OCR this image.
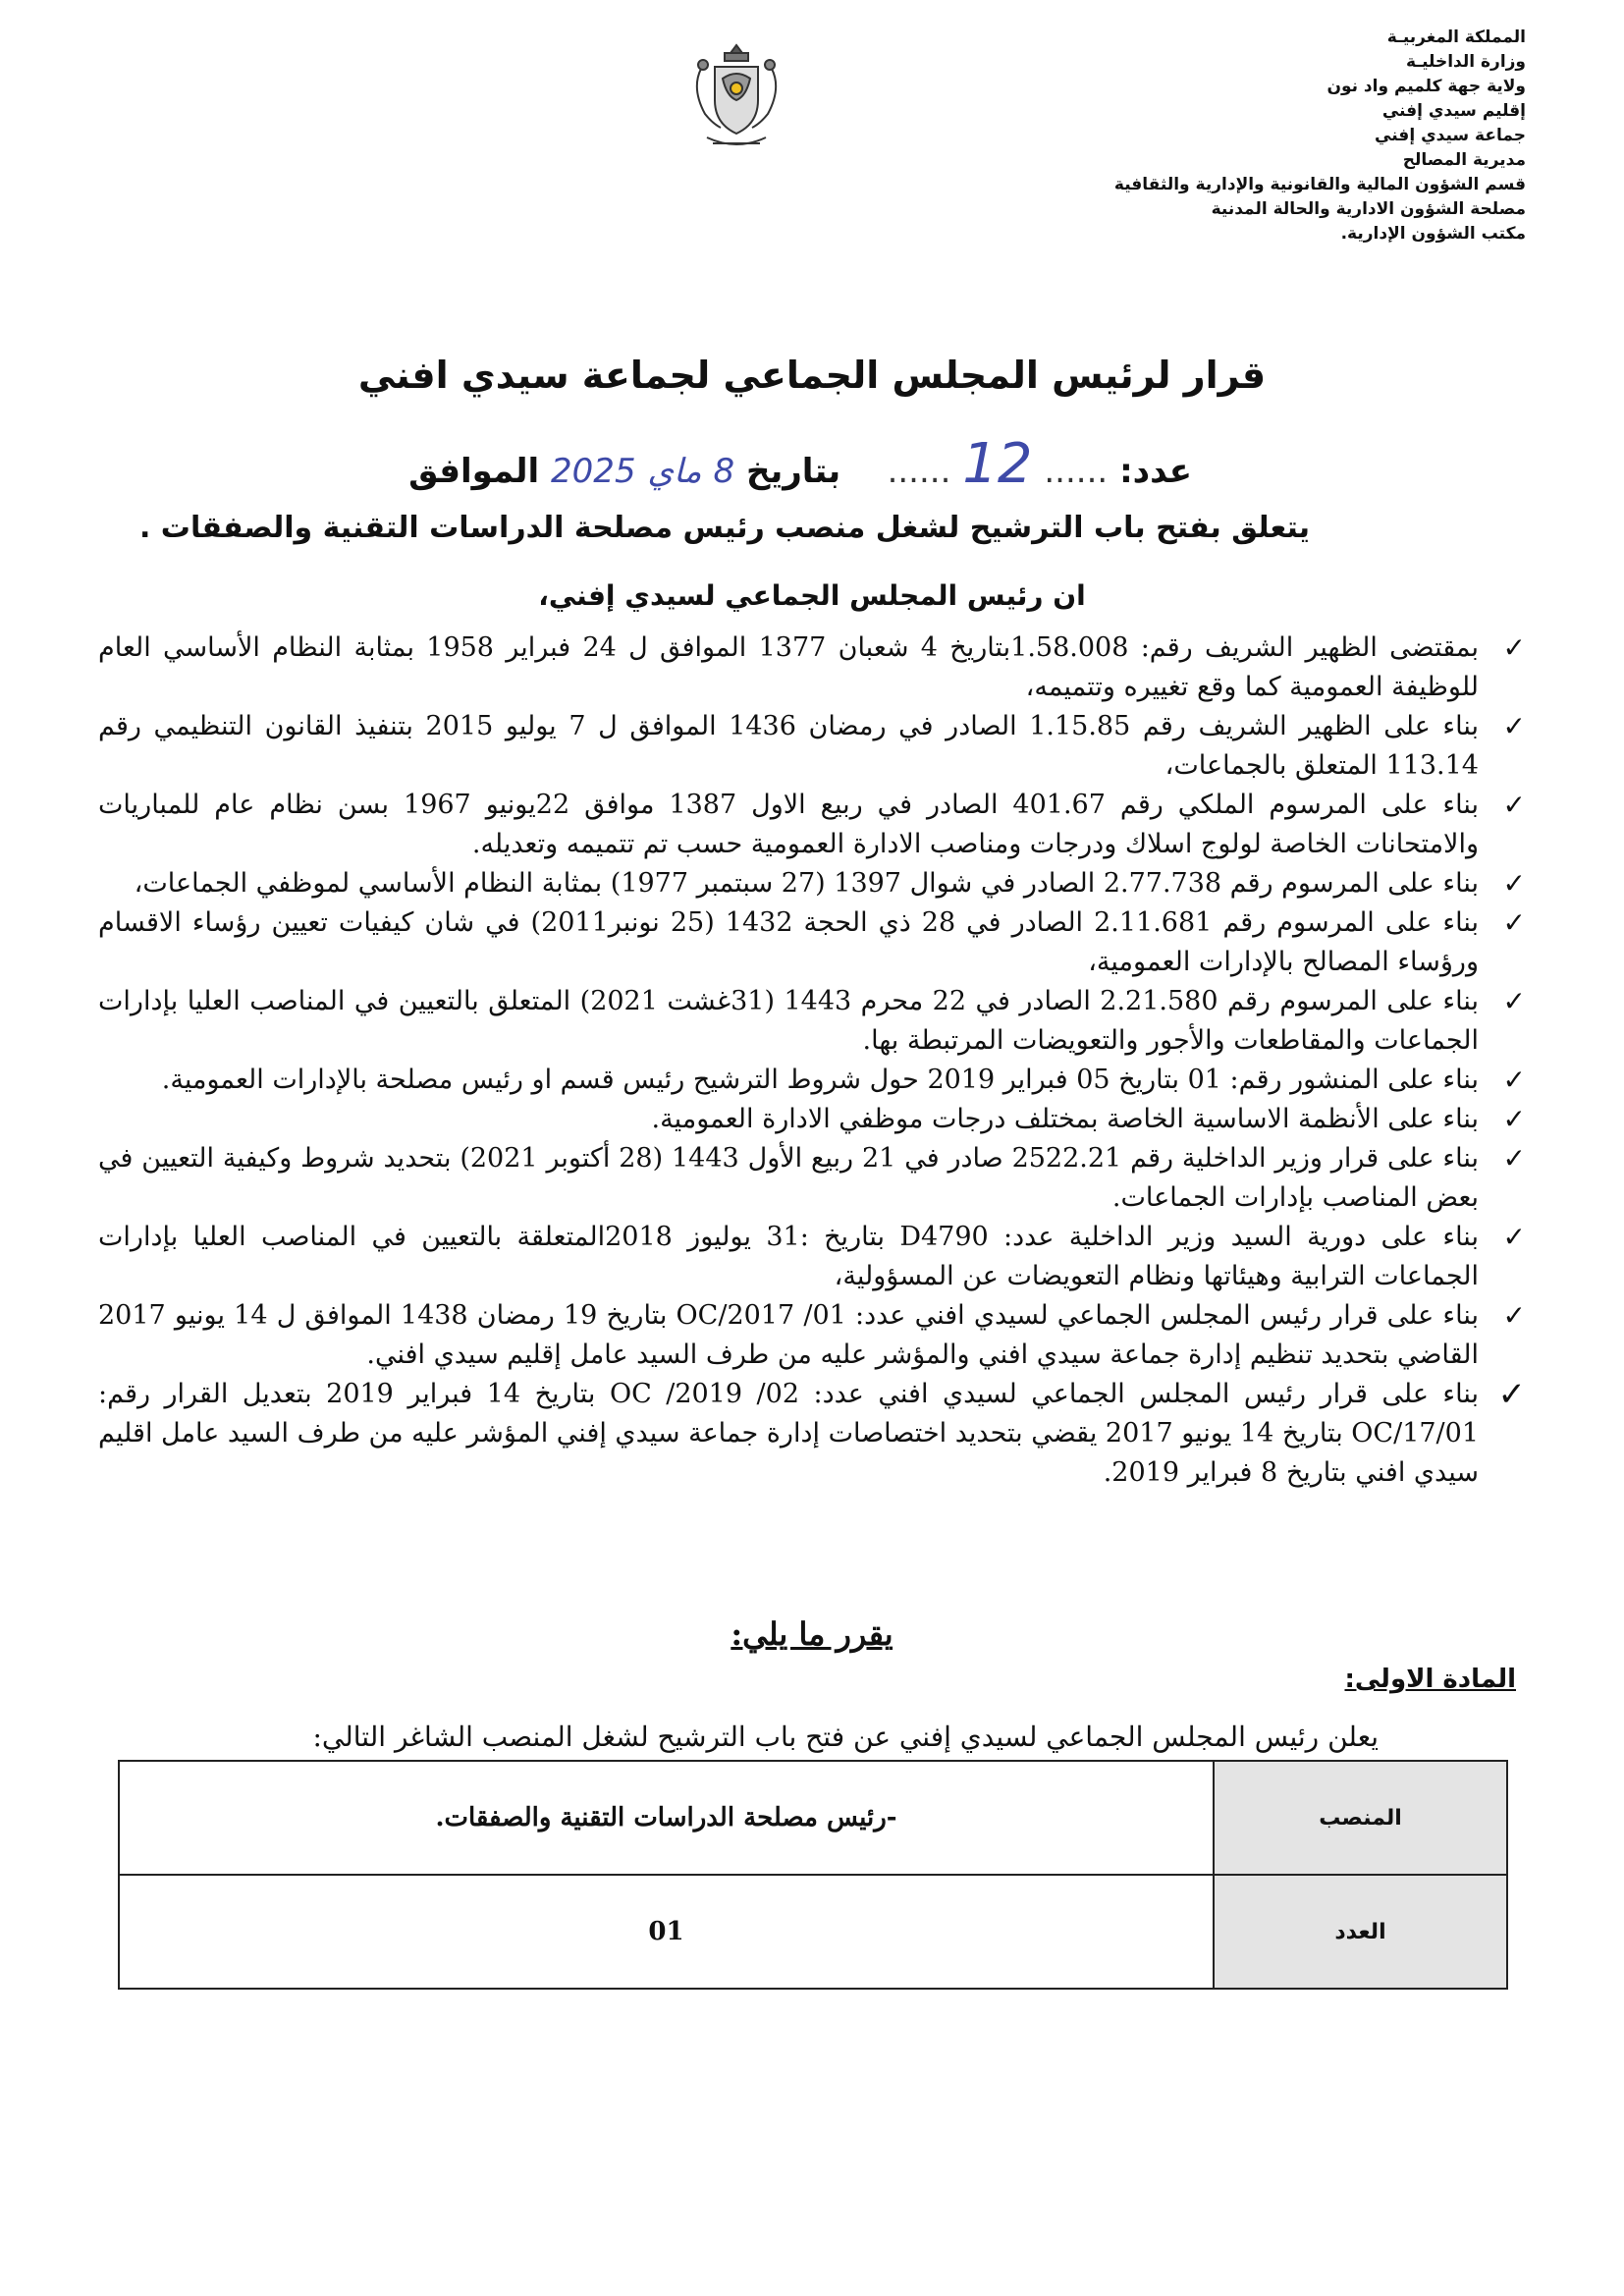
المملكة المغربيـة
وزارة الداخليـة
ولاية جهة كلميم واد نون
إقليم سيدي إفني
جماعة سيدي إفني
مديرية المصالح
قسم الشؤون المالية والقانونية والإدارية والثقافية
مصلحة الشؤون الادارية والحالة المدنية
مكتب الشؤون الإدارية.
قرار لرئيس المجلس الجماعي لجماعة سيدي افني
عدد: ...... 12 ......    بتاريخ 8 ماي 2025 الموافق
يتعلق بفتح باب الترشيح لشغل منصب رئيس مصلحة الدراسات التقنية والصفقات .
ان رئيس المجلس الجماعي لسيدي إفني،
✓
بمقتضى الظهير الشريف رقم: 1.58.008بتاريخ 4 شعبان 1377 الموافق ل 24 فبراير 1958 بمثابة النظام الأساسي العام للوظيفة العمومية كما وقع تغييره وتتميمه،
✓
بناء على الظهير الشريف رقم 1.15.85 الصادر في رمضان 1436 الموافق ل 7 يوليو 2015 بتنفيذ القانون التنظيمي رقم 113.14 المتعلق بالجماعات،
✓
بناء على المرسوم الملكي رقم 401.67 الصادر في ربيع الاول 1387 موافق 22يونيو 1967 بسن نظام عام للمباريات والامتحانات الخاصة لولوج اسلاك ودرجات ومناصب الادارة العمومية حسب تم تتميمه وتعديله.
✓
بناء على المرسوم رقم 2.77.738 الصادر في شوال 1397 (27 سبتمبر 1977) بمثابة النظام الأساسي لموظفي الجماعات،
✓
بناء على المرسوم رقم 2.11.681 الصادر في 28 ذي الحجة 1432 (25 نونبر2011) في شان كيفيات تعيين رؤساء الاقسام ورؤساء المصالح بالإدارات العمومية،
✓
بناء على المرسوم رقم 2.21.580 الصادر في 22 محرم 1443 (31غشت 2021) المتعلق بالتعيين في المناصب العليا بإدارات الجماعات والمقاطعات والأجور والتعويضات المرتبطة بها.
✓
بناء على المنشور رقم: 01 بتاريخ 05 فبراير 2019 حول شروط الترشيح رئيس قسم او رئيس مصلحة بالإدارات العمومية.
✓
بناء على الأنظمة الاساسية الخاصة بمختلف درجات موظفي الادارة العمومية.
✓
بناء على قرار وزير الداخلية رقم 2522.21 صادر في 21 ربيع الأول 1443 (28 أكتوبر 2021) بتحديد شروط وكيفية التعيين في بعض المناصب بإدارات الجماعات.
✓
بناء على دورية السيد وزير الداخلية عدد: D4790 بتاريخ :31 يوليوز 2018المتعلقة بالتعيين في المناصب العليا بإدارات الجماعات الترابية وهيئاتها ونظام التعويضات عن المسؤولية،
✓
بناء على قرار رئيس المجلس الجماعي لسيدي افني عدد: 01/ 2017/OC بتاريخ 19 رمضان 1438 الموافق ل 14 يونيو 2017 القاضي بتحديد تنظيم إدارة جماعة سيدي افني والمؤشر عليه من طرف السيد عامل إقليم سيدي افني.
✓
بناء على قرار رئيس المجلس الجماعي لسيدي افني عدد: 02/ OC /2019 بتاريخ 14 فبراير 2019 بتعديل القرار رقم: OC/17/01 بتاريخ 14 يونيو 2017 يقضي بتحديد اختصاصات إدارة جماعة سيدي إفني المؤشر عليه من طرف السيد عامل اقليم سيدي افني بتاريخ 8 فبراير 2019.
يقرر ما يلي:
المادة الاولى:
يعلن رئيس المجلس الجماعي لسيدي إفني عن فتح باب الترشيح لشغل المنصب الشاغر التالي:
المنصب	-رئيس مصلحة الدراسات التقنية والصفقات.
العدد	01
